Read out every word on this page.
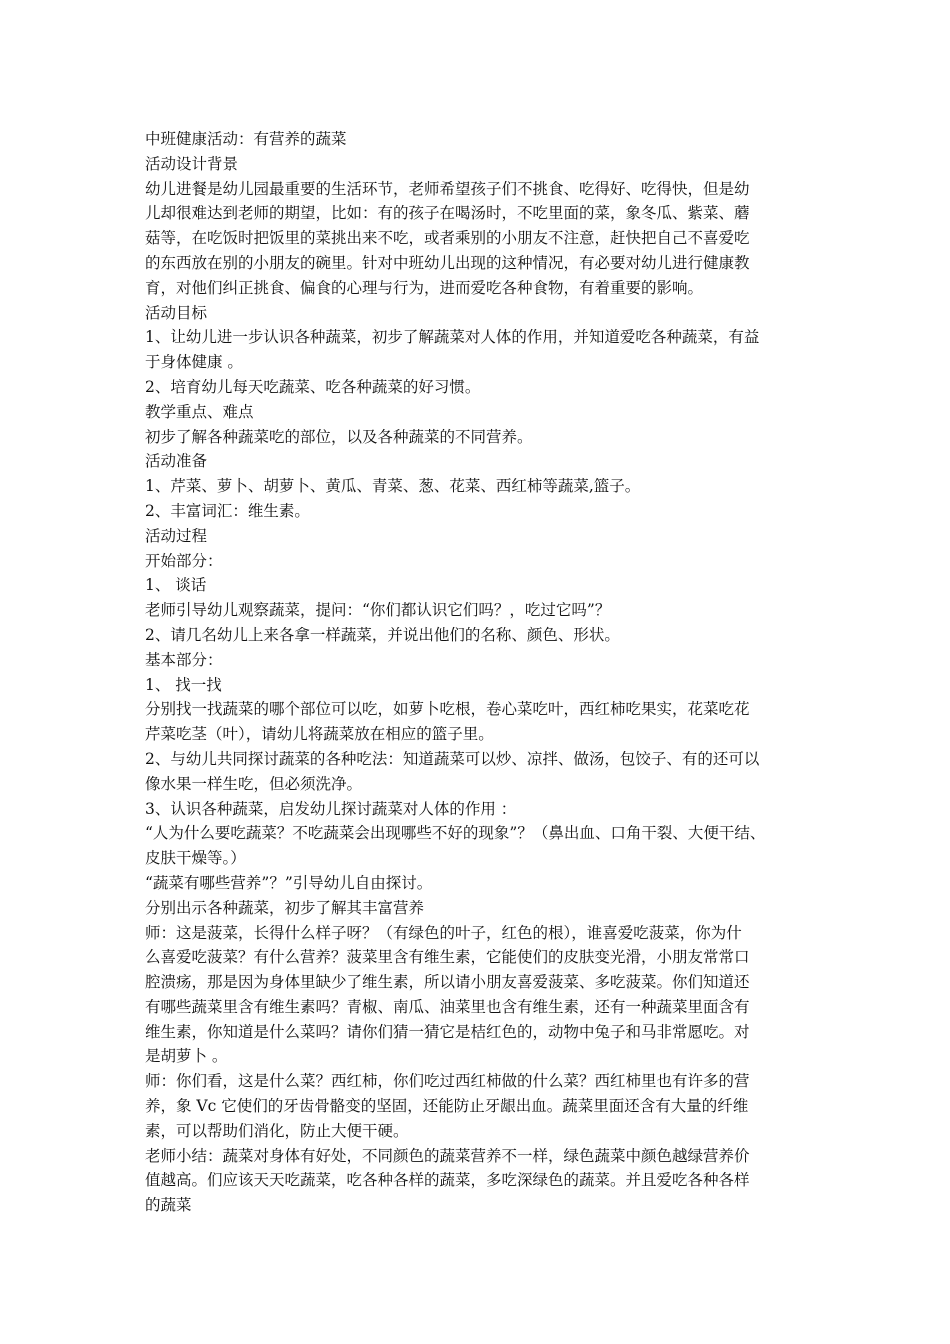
中班健康活动：有营养的蔬菜
活动设计背景
幼儿进餐是幼儿园最重要的生活环节，老师希望孩子们不挑食、吃得好、吃得快，但是幼
儿却很难达到老师的期望，比如：有的孩子在喝汤时，不吃里面的菜，象冬瓜、紫菜、蘑
菇等，在吃饭时把饭里的菜挑出来不吃，或者乘别的小朋友不注意，赶快把自己不喜爱吃
的东西放在别的小朋友的碗里。针对中班幼儿出现的这种情况，有必要对幼儿进行健康教
育，对他们纠正挑食、偏食的心理与行为，进而爱吃各种食物，有着重要的影响。
活动目标
1、让幼儿进一步认识各种蔬菜，初步了解蔬菜对人体的作用，并知道爱吃各种蔬菜，有益
于身体健康 。
2、培育幼儿每天吃蔬菜、吃各种蔬菜的好习惯。
教学重点、难点
初步了解各种蔬菜吃的部位，以及各种蔬菜的不同营养。
活动准备
1、芹菜、萝卜、胡萝卜、黄瓜、青菜、葱、花菜、西红柿等蔬菜,篮子。
2、丰富词汇：维生素。
活动过程
开始部分：
1、 谈话
老师引导幼儿观察蔬菜，提问：“你们都认识它们吗？，吃过它吗”？
2、请几名幼儿上来各拿一样蔬菜，并说出他们的名称、颜色、形状。
基本部分：
1、 找一找
分别找一找蔬菜的哪个部位可以吃，如萝卜吃根，卷心菜吃叶，西红柿吃果实，花菜吃花
芹菜吃茎（叶），请幼儿将蔬菜放在相应的篮子里。
2、与幼儿共同探讨蔬菜的各种吃法：知道蔬菜可以炒、凉拌、做汤，包饺子、有的还可以
像水果一样生吃，但必须洗净。
3、认识各种蔬菜，启发幼儿探讨蔬菜对人体的作用 ：
“人为什么要吃蔬菜？不吃蔬菜会出现哪些不好的现象”？（鼻出血、口角干裂、大便干结、
皮肤干燥等。）
“蔬菜有哪些营养”？”引导幼儿自由探讨。
分别出示各种蔬菜，初步了解其丰富营养
师：这是菠菜，长得什么样子呀？（有绿色的叶子，红色的根），谁喜爱吃菠菜，你为什
么喜爱吃菠菜？有什么营养？菠菜里含有维生素，它能使们的皮肤变光滑，小朋友常常口
腔溃疡，那是因为身体里缺少了维生素，所以请小朋友喜爱菠菜、多吃菠菜。你们知道还
有哪些蔬菜里含有维生素吗？青椒、南瓜、油菜里也含有维生素，还有一种蔬菜里面含有
维生素，你知道是什么菜吗？请你们猜一猜它是桔红色的，动物中兔子和马非常愿吃。对
是胡萝卜 。
师：你们看，这是什么菜？西红柿，你们吃过西红柿做的什么菜？西红柿里也有许多的营
养，象 Vc 它使们的牙齿骨骼变的坚固，还能防止牙龈出血。蔬菜里面还含有大量的纤维
素，可以帮助们消化，防止大便干硬。
老师小结：蔬菜对身体有好处，不同颜色的蔬菜营养不一样，绿色蔬菜中颜色越绿营养价
值越高。们应该天天吃蔬菜，吃各种各样的蔬菜，多吃深绿色的蔬菜。并且爱吃各种各样
的蔬菜
